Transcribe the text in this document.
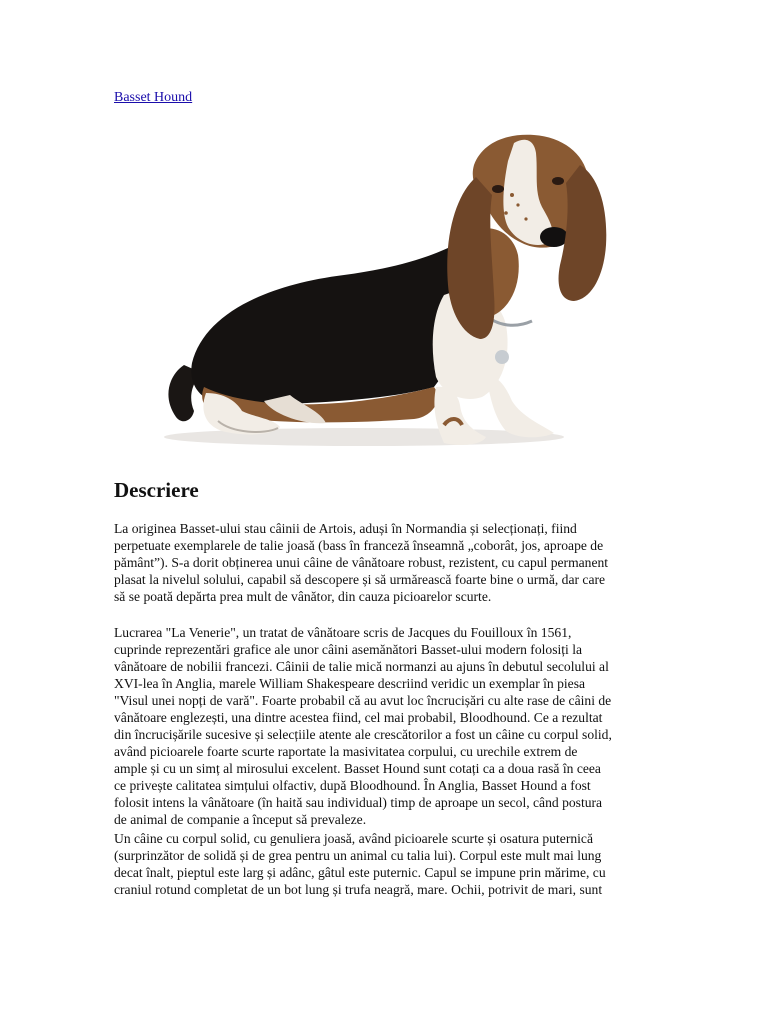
Basset Hound
Descriere
La originea Basset-ului stau câinii de Artois, aduși în Normandia și selecționați, fiind
perpetuate exemplarele de talie joasă (bass în franceză înseamnă „coborât, jos, aproape de
pământ”). S-a dorit obținerea unui câine de vânătoare robust, rezistent, cu capul permanent
plasat la nivelul solului, capabil să descopere și să urmărească foarte bine o urmă, dar care
să se poată depărta prea mult de vânător, din cauza picioarelor scurte.
Lucrarea "La Venerie", un tratat de vânătoare scris de Jacques du Fouilloux în 1561,
cuprinde reprezentări grafice ale unor câini asemănători Basset-ului modern folosiți la
vânătoare de nobilii francezi. Câinii de talie mică normanzi au ajuns în debutul secolului al
XVI-lea în Anglia, marele William Shakespeare descriind veridic un exemplar în piesa
"Visul unei nopți de vară". Foarte probabil că au avut loc încrucișări cu alte rase de câini de
vânătoare englezești, una dintre acestea fiind, cel mai probabil, Bloodhound. Ce a rezultat
din încrucișările sucesive și selecțiile atente ale crescătorilor a fost un câine cu corpul solid,
având picioarele foarte scurte raportate la masivitatea corpului, cu urechile extrem de
ample și cu un simț al mirosului excelent. Basset Hound sunt cotați ca a doua rasă în ceea
ce privește calitatea simțului olfactiv, după Bloodhound. În Anglia, Basset Hound a fost
folosit intens la vânătoare (în haită sau individual) timp de aproape un secol, când postura
de animal de companie a început să prevaleze.
Un câine cu corpul solid, cu genuliera joasă, având picioarele scurte și osatura puternică
(surprinzător de solidă și de grea pentru un animal cu talia lui). Corpul este mult mai lung
decat înalt, pieptul este larg și adânc, gâtul este puternic. Capul se impune prin mărime, cu
craniul rotund completat de un bot lung și trufa neagră, mare. Ochii, potrivit de mari, sunt
